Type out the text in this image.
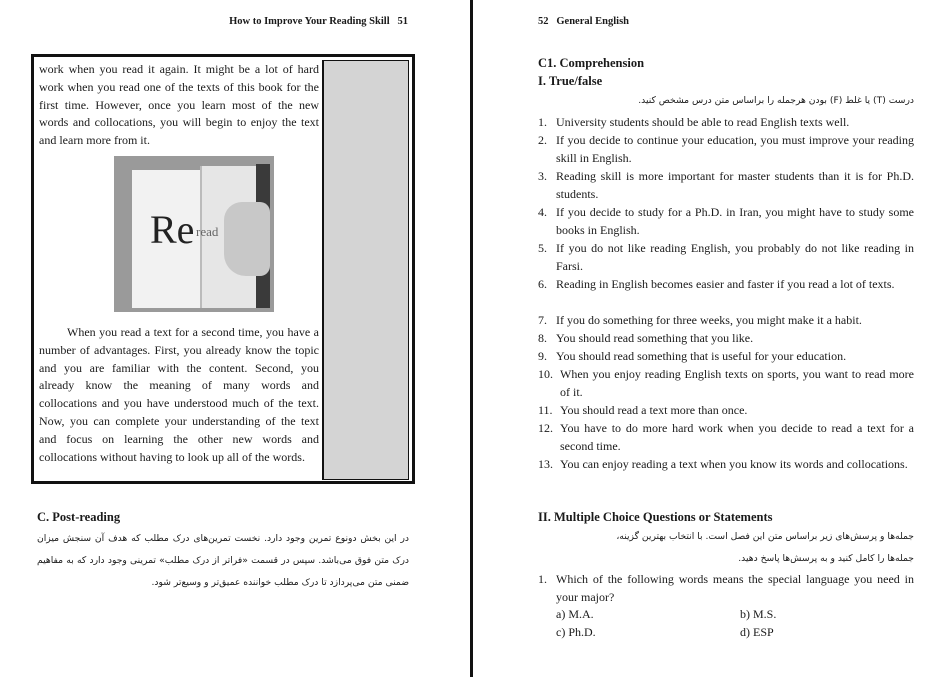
How to Improve Your Reading Skill 51

work when you read it again. It might be a lot of hard work when you read one of the texts of this book for the first time. However, once you learn most of the new words and collocations, you will begin to enjoy the text and learn more from it.

Re read

When you read a text for a second time, you have a number of advantages. First, you already know the topic and you are familiar with the content. Second, you already know the meaning of many words and collocations and you have understood much of the text. Now, you can complete your understanding of the text and focus on learning the other new words and collocations without having to look up all of the words.

C. Post-reading
در این بخش دونوع تمرین وجود دارد. نخست تمرین‌های درک مطلب که هدف آن سنجش میزان درک متن فوق می‌باشد. سپس در قسمت «فراتر از درک مطلب» تمرینی وجود دارد که به مفاهیم ضمنی متن می‌پردازد تا درک مطلب خواننده عمیق‌تر و وسیع‌تر شود.
52 General English
C1. Comprehension
I. True/false
درست (T) یا غلط (F) بودن هرجمله را براساس متن درس مشخص کنید.
1. University students should be able to read English texts well.
2. If you decide to continue your education, you must improve your reading skill in English.
3. Reading skill is more important for master students than it is for Ph.D. students.
4. If you decide to study for a Ph.D. in Iran, you might have to study some books in English.
5. If you do not like reading English, you probably do not like reading in Farsi.
6. Reading in English becomes easier and faster if you read a lot of texts.
7. If you do something for three weeks, you might make it a habit.
8. You should read something that you like.
9. You should read something that is useful for your education.
10. When you enjoy reading English texts on sports, you want to read more of it.
11. You should read a text more than once.
12. You have to do more hard work when you decide to read a text for a second time.
13. You can enjoy reading a text when you know its words and collocations.
II. Multiple Choice Questions or Statements
جمله‌ها و پرسش‌های زیر براساس متن این فصل است. با انتخاب بهترین گزینه،
جمله‌ها را کامل کنید و به پرسش‌ها پاسخ دهید.
1. Which of the following words means the special language you need in your major?
a) M.A.	b) M.S.
c) Ph.D.	d) ESP
